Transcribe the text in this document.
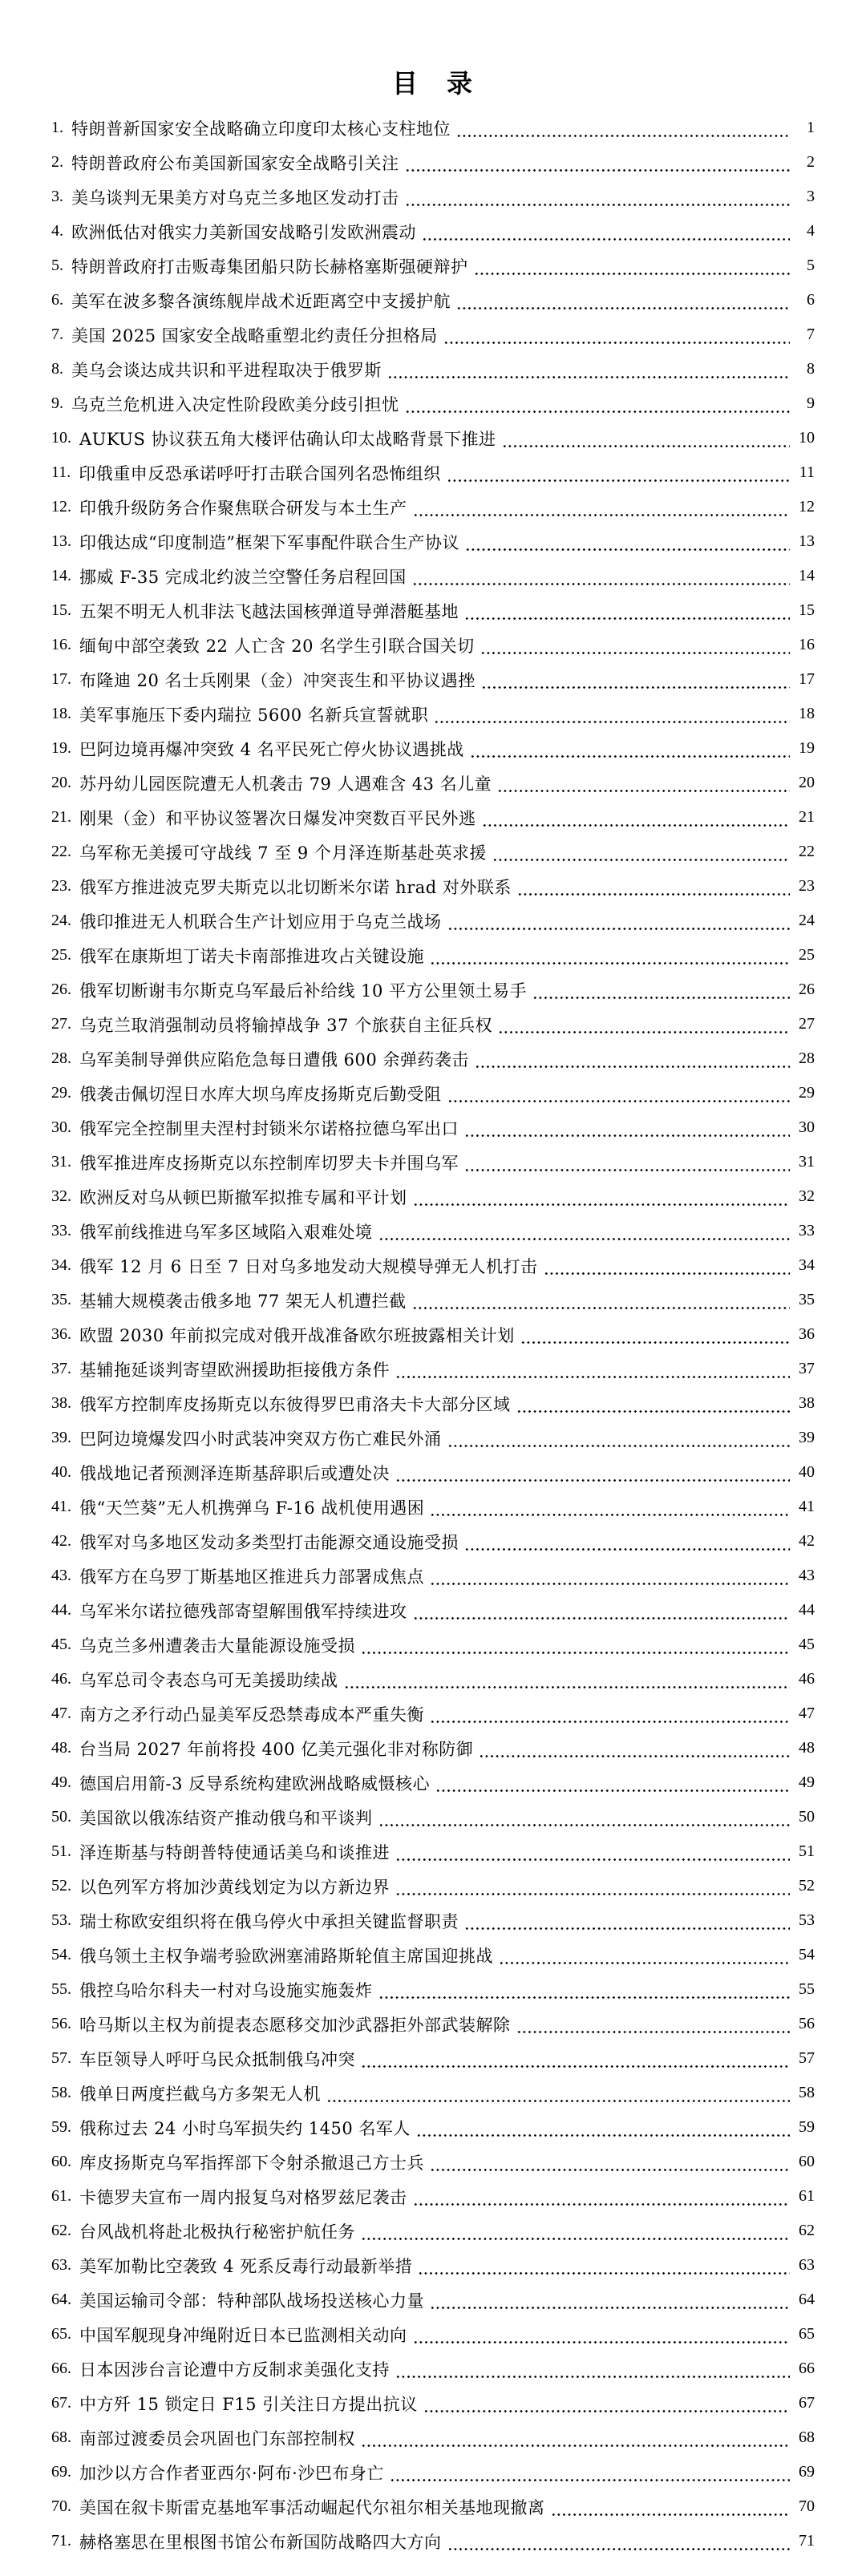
目　录
1. 特朗普新国家安全战略确立印度印太核心支柱地位	1
2. 特朗普政府公布美国新国家安全战略引关注	2
3. 美乌谈判无果美方对乌克兰多地区发动打击	3
4. 欧洲低估对俄实力美新国安战略引发欧洲震动	4
5. 特朗普政府打击贩毒集团船只防长赫格塞斯强硬辩护	5
6. 美军在波多黎各演练舰岸战术近距离空中支援护航	6
7. 美国 2025 国家安全战略重塑北约责任分担格局	7
8. 美乌会谈达成共识和平进程取决于俄罗斯	8
9. 乌克兰危机进入决定性阶段欧美分歧引担忧	9
10. AUKUS 协议获五角大楼评估确认印太战略背景下推进	10
11. 印俄重申反恐承诺呼吁打击联合国列名恐怖组织	11
12. 印俄升级防务合作聚焦联合研发与本土生产	12
13. 印俄达成“印度制造”框架下军事配件联合生产协议	13
14. 挪威 F-35 完成北约波兰空警任务启程回国	14
15. 五架不明无人机非法飞越法国核弹道导弹潜艇基地	15
16. 缅甸中部空袭致 22 人亡含 20 名学生引联合国关切	16
17. 布隆迪 20 名士兵刚果（金）冲突丧生和平协议遇挫	17
18. 美军事施压下委内瑞拉 5600 名新兵宣誓就职	18
19. 巴阿边境再爆冲突致 4 名平民死亡停火协议遇挑战	19
20. 苏丹幼儿园医院遭无人机袭击 79 人遇难含 43 名儿童	20
21. 刚果（金）和平协议签署次日爆发冲突数百平民外逃	21
22. 乌军称无美援可守战线 7 至 9 个月泽连斯基赴英求援	22
23. 俄军方推进波克罗夫斯克以北切断米尔诺 hrad 对外联系	23
24. 俄印推进无人机联合生产计划应用于乌克兰战场	24
25. 俄军在康斯坦丁诺夫卡南部推进攻占关键设施	25
26. 俄军切断谢韦尔斯克乌军最后补给线 10 平方公里领土易手	26
27. 乌克兰取消强制动员将输掉战争 37 个旅获自主征兵权	27
28. 乌军美制导弹供应陷危急每日遭俄 600 余弹药袭击	28
29. 俄袭击佩切涅日水库大坝乌库皮扬斯克后勤受阻	29
30. 俄军完全控制里夫涅村封锁米尔诺格拉德乌军出口	30
31. 俄军推进库皮扬斯克以东控制库切罗夫卡并围乌军	31
32. 欧洲反对乌从顿巴斯撤军拟推专属和平计划	32
33. 俄军前线推进乌军多区域陷入艰难处境	33
34. 俄军 12 月 6 日至 7 日对乌多地发动大规模导弹无人机打击	34
35. 基辅大规模袭击俄多地 77 架无人机遭拦截	35
36. 欧盟 2030 年前拟完成对俄开战准备欧尔班披露相关计划	36
37. 基辅拖延谈判寄望欧洲援助拒接俄方条件	37
38. 俄军方控制库皮扬斯克以东彼得罗巴甫洛夫卡大部分区域	38
39. 巴阿边境爆发四小时武装冲突双方伤亡难民外涌	39
40. 俄战地记者预测泽连斯基辞职后或遭处决	40
41. 俄“天竺葵”无人机携弹乌 F-16 战机使用遇困	41
42. 俄军对乌多地区发动多类型打击能源交通设施受损	42
43. 俄军方在乌罗丁斯基地区推进兵力部署成焦点	43
44. 乌军米尔诺拉德残部寄望解围俄军持续进攻	44
45. 乌克兰多州遭袭击大量能源设施受损	45
46. 乌军总司令表态乌可无美援助续战	46
47. 南方之矛行动凸显美军反恐禁毒成本严重失衡	47
48. 台当局 2027 年前将投 400 亿美元强化非对称防御	48
49. 德国启用箭-3 反导系统构建欧洲战略威慑核心	49
50. 美国欲以俄冻结资产推动俄乌和平谈判	50
51. 泽连斯基与特朗普特使通话美乌和谈推进	51
52. 以色列军方将加沙黄线划定为以方新边界	52
53. 瑞士称欧安组织将在俄乌停火中承担关键监督职责	53
54. 俄乌领土主权争端考验欧洲塞浦路斯轮值主席国迎挑战	54
55. 俄控乌哈尔科夫一村对乌设施实施轰炸	55
56. 哈马斯以主权为前提表态愿移交加沙武器拒外部武装解除	56
57. 车臣领导人呼吁乌民众抵制俄乌冲突	57
58. 俄单日两度拦截乌方多架无人机	58
59. 俄称过去 24 小时乌军损失约 1450 名军人	59
60. 库皮扬斯克乌军指挥部下令射杀撤退己方士兵	60
61. 卡德罗夫宣布一周内报复乌对格罗兹尼袭击	61
62. 台风战机将赴北极执行秘密护航任务	62
63. 美军加勒比空袭致 4 死系反毒行动最新举措	63
64. 美国运输司令部：特种部队战场投送核心力量	64
65. 中国军舰现身冲绳附近日本已监测相关动向	65
66. 日本因涉台言论遭中方反制求美强化支持	66
67. 中方歼 15 锁定日 F15 引关注日方提出抗议	67
68. 南部过渡委员会巩固也门东部控制权	68
69. 加沙以方合作者亚西尔·阿布·沙巴布身亡	69
70. 美国在叙卡斯雷克基地军事活动崛起代尔祖尔相关基地现撤离	70
71. 赫格塞思在里根图书馆公布新国防战略四大方向	71
